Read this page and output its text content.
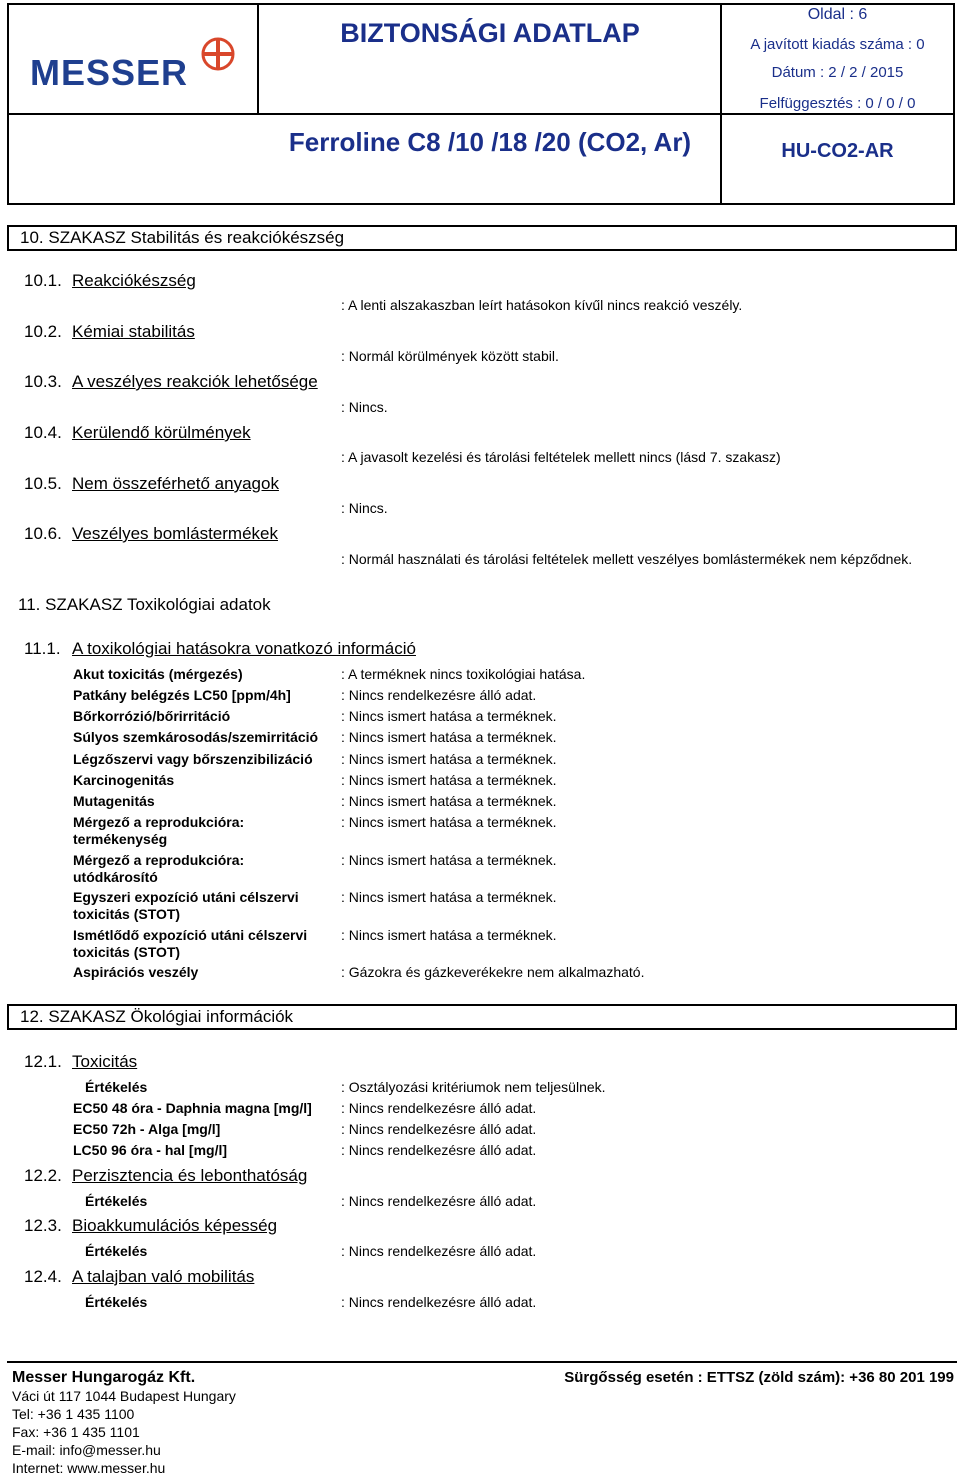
MESSER
BIZTONSÁGI ADATLAP
Ferroline C8 /10 /18 /20 (CO2, Ar)
Oldal : 6
A javított kiadás száma : 0
Dátum : 2 / 2 / 2015
Felfüggesztés : 0 / 0 / 0
HU-CO2-AR
10. SZAKASZ Stabilitás és reakciókészség
10.1. Reakciókészség
: A lenti alszakaszban leírt hatásokon kívűl nincs reakció veszély.
10.2. Kémiai stabilitás
: Normál körülmények között stabil.
10.3. A veszélyes reakciók lehetősége
: Nincs.
10.4. Kerülendő körülmények
: A javasolt kezelési és tárolási feltételek mellett nincs (lásd 7. szakasz)
10.5. Nem összeférhető anyagok
: Nincs.
10.6. Veszélyes bomlástermékek
: Normál használati és tárolási feltételek mellett veszélyes bomlástermékek nem képződnek.
11. SZAKASZ Toxikológiai adatok
11.1. A toxikológiai hatásokra vonatkozó információ
Akut toxicitás (mérgezés)	: A terméknek nincs toxikológiai hatása.
Patkány belégzés LC50 [ppm/4h]	: Nincs rendelkezésre álló adat.
Bőrkorrózió/bőrirritáció	: Nincs ismert hatása a terméknek.
Súlyos szemkárosodás/szemirritáció : Nincs ismert hatása a terméknek.
Légzőszervi vagy bőrszenzibilizáció : Nincs ismert hatása a terméknek.
Karcinogenitás	: Nincs ismert hatása a terméknek.
Mutagenitás	: Nincs ismert hatása a terméknek.
Mérgező a reprodukcióra:
termékenység
: Nincs ismert hatása a terméknek.
Mérgező a reprodukcióra:
utódkárosító
: Nincs ismert hatása a terméknek.
Egyszeri expozíció utáni célszervi
toxicitás (STOT)
: Nincs ismert hatása a terméknek.
Ismétlődő expozíció utáni célszervi
toxicitás (STOT)
: Nincs ismert hatása a terméknek.
Aspirációs veszély	: Gázokra és gázkeverékekre nem alkalmazható.
12. SZAKASZ Ökológiai információk
12.1. Toxicitás
Értékelés	: Osztályozási kritériumok nem teljesülnek.
EC50 48 óra - Daphnia magna [mg/l] : Nincs rendelkezésre álló adat.
EC50 72h - Alga [mg/l]	: Nincs rendelkezésre álló adat.
LC50 96 óra - hal [mg/l]	: Nincs rendelkezésre álló adat.
12.2. Perzisztencia és lebonthatóság
Értékelés	: Nincs rendelkezésre álló adat.
12.3. Bioakkumulációs képesség
Értékelés	: Nincs rendelkezésre álló adat.
12.4. A talajban való mobilitás
Értékelés	: Nincs rendelkezésre álló adat.
Messer Hungarogáz Kft.
Váci út 117 1044 Budapest Hungary
Tel: +36 1 435 1100
Fax: +36 1 435 1101
E-mail: info@messer.hu
Internet: www.messer.hu
Sürgősség esetén : ETTSZ (zöld szám): +36 80 201 199
